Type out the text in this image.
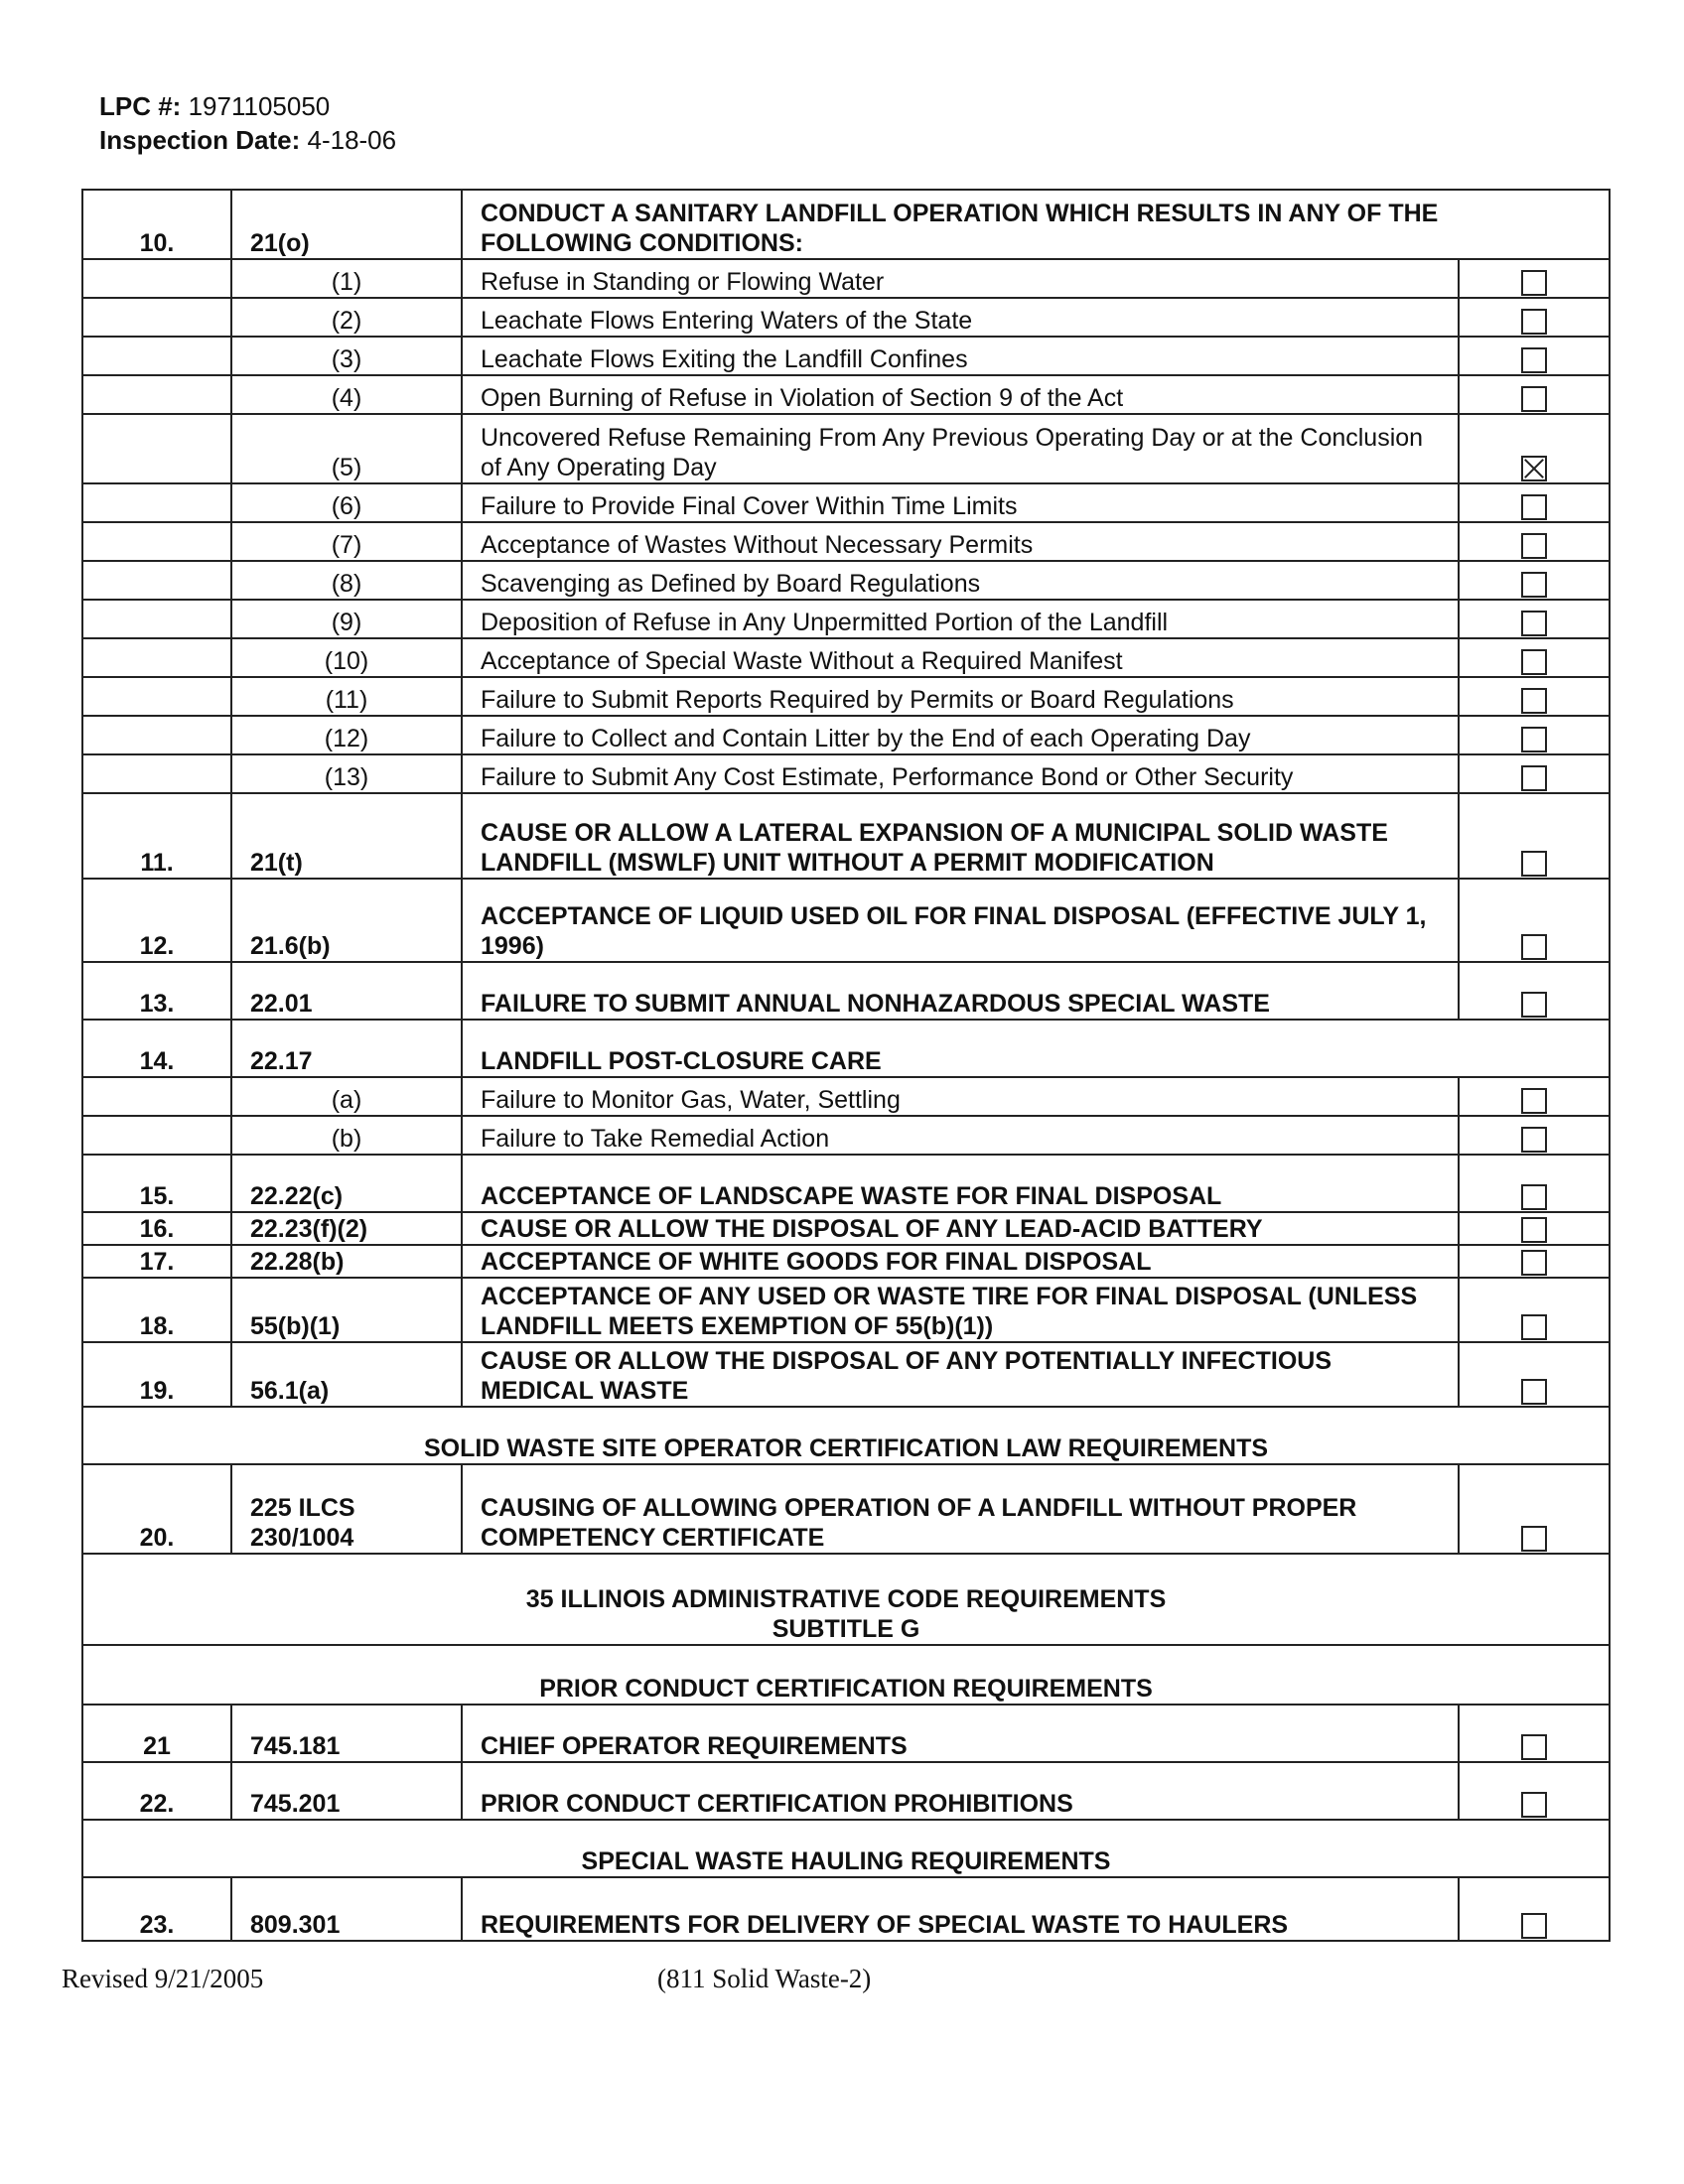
LPC #: 1971105050
Inspection Date: 4-18-06
10.	21(o)	CONDUCT A SANITARY LANDFILL OPERATION WHICH RESULTS IN ANY OF THE FOLLOWING CONDITIONS:	
	(1)	Refuse in Standing or Flowing Water	
	(2)	Leachate Flows Entering Waters of the State	
	(3)	Leachate Flows Exiting the Landfill Confines	
	(4)	Open Burning of Refuse in Violation of Section 9 of the Act	
	(5)	Uncovered Refuse Remaining From Any Previous Operating Day or at the Conclusion of Any Operating Day	
	(6)	Failure to Provide Final Cover Within Time Limits	
	(7)	Acceptance of Wastes Without Necessary Permits	
	(8)	Scavenging as Defined by Board Regulations	
	(9)	Deposition of Refuse in Any Unpermitted Portion of the Landfill	
	(10)	Acceptance of Special Waste Without a Required Manifest	
	(11)	Failure to Submit Reports Required by Permits or Board Regulations	
	(12)	Failure to Collect and Contain Litter by the End of each Operating Day	
	(13)	Failure to Submit Any Cost Estimate, Performance Bond or Other Security	
11.	21(t)	CAUSE OR ALLOW A LATERAL EXPANSION OF A MUNICIPAL SOLID WASTE LANDFILL (MSWLF) UNIT WITHOUT A PERMIT MODIFICATION	
12.	21.6(b)	ACCEPTANCE OF LIQUID USED OIL FOR FINAL DISPOSAL (EFFECTIVE JULY 1, 1996)	
13.	22.01	FAILURE TO SUBMIT ANNUAL NONHAZARDOUS SPECIAL WASTE	
14.	22.17	LANDFILL POST-CLOSURE CARE	
	(a)	Failure to Monitor Gas, Water, Settling	
	(b)	Failure to Take Remedial Action	
15.	22.22(c)	ACCEPTANCE OF LANDSCAPE WASTE FOR FINAL DISPOSAL	
16.	22.23(f)(2)	CAUSE OR ALLOW THE DISPOSAL OF ANY LEAD-ACID BATTERY	
17.	22.28(b)	ACCEPTANCE OF WHITE GOODS FOR FINAL DISPOSAL	
18.	55(b)(1)	ACCEPTANCE OF ANY USED OR WASTE TIRE FOR FINAL DISPOSAL (UNLESS LANDFILL MEETS EXEMPTION OF 55(b)(1))	
19.	56.1(a)	CAUSE OR ALLOW THE DISPOSAL OF ANY POTENTIALLY INFECTIOUS MEDICAL WASTE	

SOLID WASTE SITE OPERATOR CERTIFICATION LAW REQUIREMENTS			

20.	225 ILCS 230/1004	CAUSING OF ALLOWING OPERATION OF A LANDFILL WITHOUT PROPER COMPETENCY CERTIFICATE	

35 ILLINOIS ADMINISTRATIVE CODE REQUIREMENTS
SUBTITLE G			

PRIOR CONDUCT CERTIFICATION REQUIREMENTS			

21	745.181	CHIEF OPERATOR REQUIREMENTS	
22.	745.201	PRIOR CONDUCT CERTIFICATION PROHIBITIONS	

SPECIAL WASTE HAULING REQUIREMENTS			

23.	809.301	REQUIREMENTS FOR DELIVERY OF SPECIAL WASTE TO HAULERS	
Revised 9/21/2005	(811 Solid Waste-2)
